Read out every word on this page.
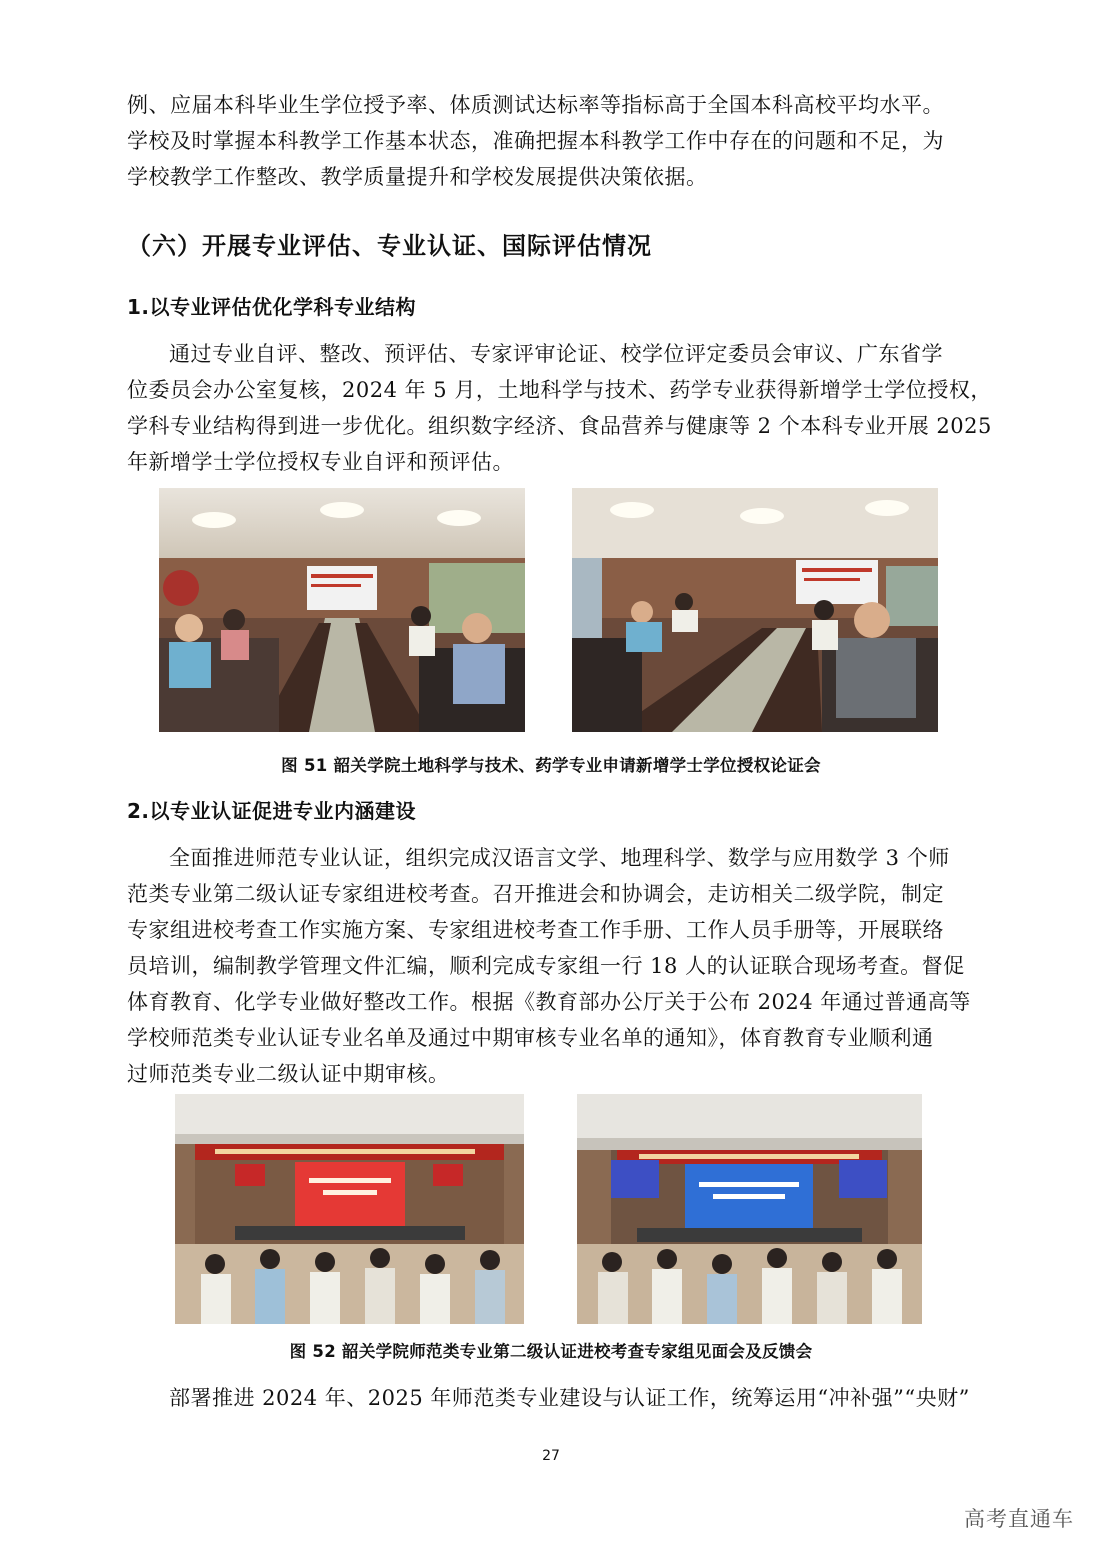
例、应届本科毕业生学位授予率、体质测试达标率等指标高于全国本科高校平均水平。
学校及时掌握本科教学工作基本状态，准确把握本科教学工作中存在的问题和不足，为
学校教学工作整改、教学质量提升和学校发展提供决策依据。

（六）开展专业评估、专业认证、国际评估情况
1.以专业评估优化学科专业结构

通过专业自评、整改、预评估、专家评审论证、校学位评定委员会审议、广东省学
位委员会办公室复核，2024 年 5 月，土地科学与技术、药学专业获得新增学士学位授权，
学科专业结构得到进一步优化。组织数字经济、食品营养与健康等 2 个本科专业开展 2025
年新增学士学位授权专业自评和预评估。

图 51 韶关学院土地科学与技术、药学专业申请新增学士学位授权论证会

2.以专业认证促进专业内涵建设

全面推进师范专业认证，组织完成汉语言文学、地理科学、数学与应用数学 3 个师
范类专业第二级认证专家组进校考查。召开推进会和协调会，走访相关二级学院，制定
专家组进校考查工作实施方案、专家组进校考查工作手册、工作人员手册等，开展联络
员培训，编制教学管理文件汇编，顺利完成专家组一行 18 人的认证联合现场考查。督促
体育教育、化学专业做好整改工作。根据《教育部办公厅关于公布 2024 年通过普通高等
学校师范类专业认证专业名单及通过中期审核专业名单的通知》，体育教育专业顺利通
过师范类专业二级认证中期审核。

图 52 韶关学院师范类专业第二级认证进校考查专家组见面会及反馈会

部署推进 2024 年、2025 年师范类专业建设与认证工作，统筹运用“冲补强”“央财”

27
高考直通车
